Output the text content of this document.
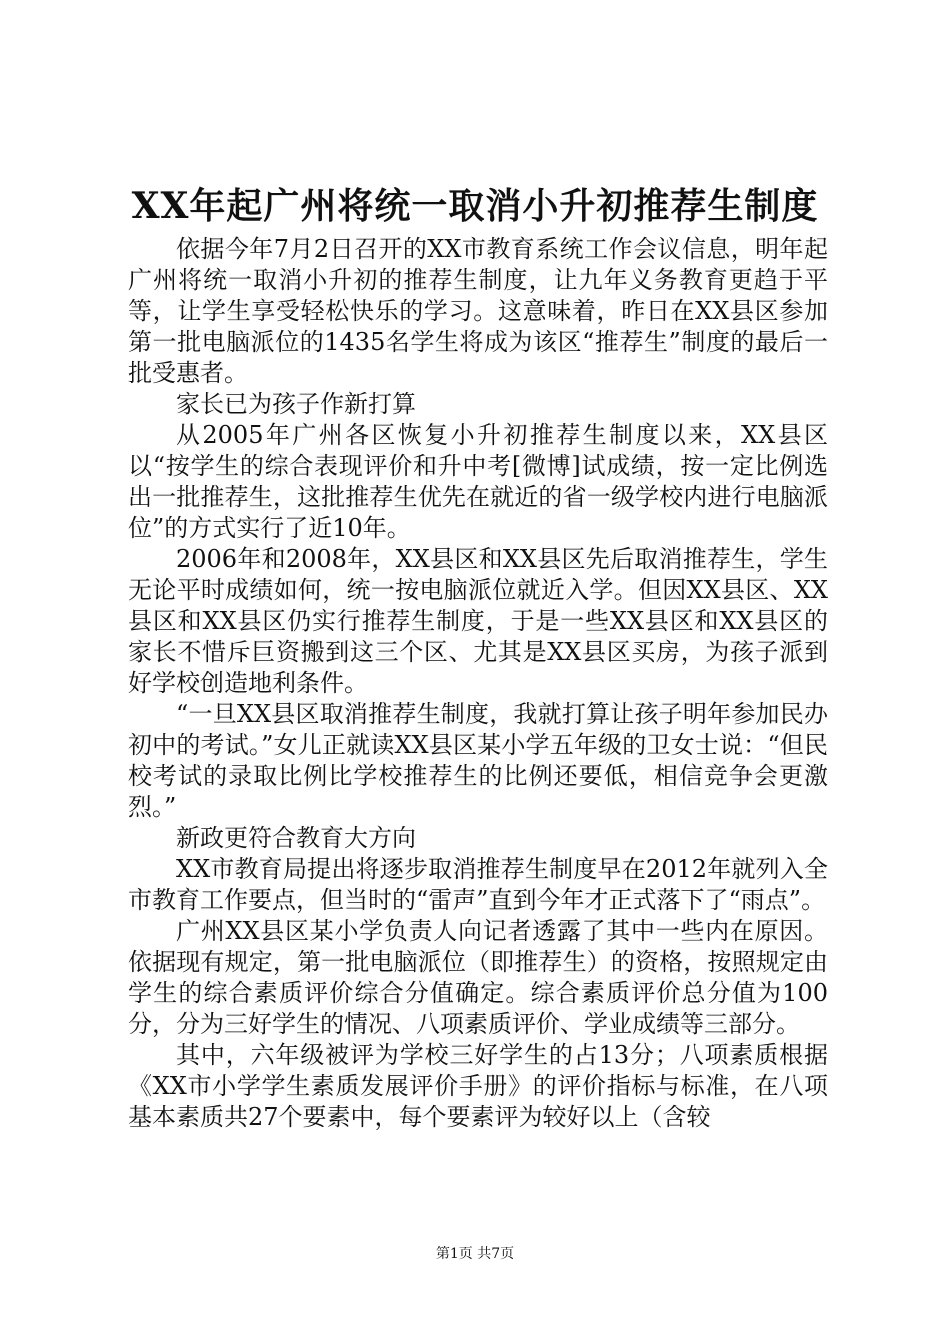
XX年起广州将统一取消小升初推荐生制度

依据今年7月2日召开的XX市教育系统工作会议信息，明年起广州将统一取消小升初的推荐生制度，让九年义务教育更趋于平等，让学生享受轻松快乐的学习。这意味着，昨日在XX县区参加第一批电脑派位的1435名学生将成为该区“推荐生”制度的最后一批受惠者。

家长已为孩子作新打算

从2005年广州各区恢复小升初推荐生制度以来，XX县区以“按学生的综合表现评价和升中考[微博]试成绩，按一定比例选出一批推荐生，这批推荐生优先在就近的省一级学校内进行电脑派位”的方式实行了近10年。

2006年和2008年，XX县区和XX县区先后取消推荐生，学生无论平时成绩如何，统一按电脑派位就近入学。但因XX县区、XX县区和XX县区仍实行推荐生制度，于是一些XX县区和XX县区的家长不惜斥巨资搬到这三个区、尤其是XX县区买房，为孩子派到好学校创造地利条件。

“一旦XX县区取消推荐生制度，我就打算让孩子明年参加民办初中的考试。”女儿正就读XX县区某小学五年级的卫女士说：“但民校考试的录取比例比学校推荐生的比例还要低，相信竞争会更激烈。”

新政更符合教育大方向

XX市教育局提出将逐步取消推荐生制度早在2012年就列入全市教育工作要点，但当时的“雷声”直到今年才正式落下了“雨点”。

广州XX县区某小学负责人向记者透露了其中一些内在原因。依据现有规定，第一批电脑派位（即推荐生）的资格，按照规定由学生的综合素质评价综合分值确定。综合素质评价总分值为100分，分为三好学生的情况、八项素质评价、学业成绩等三部分。

其中，六年级被评为学校三好学生的占13分；八项素质根据《XX市小学学生素质发展评价手册》的评价指标与标准，在八项基本素质共27个要素中，每个要素评为较好以上（含较

第1页 共7页
